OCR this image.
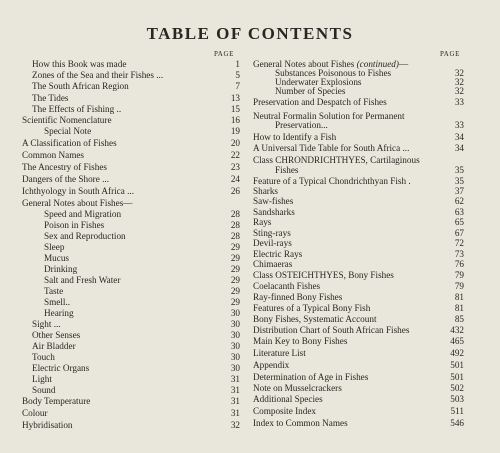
TABLE OF CONTENTS
PAGE
How this Book was made	1
Zones of the Sea and their Fishes ...	5
The South African Region	7
The Tides	13
The Effects of Fishing ..	15
Scientific Nomenclature	16
Special Note	19
A Classification of Fishes	20
Common Names	22
The Ancestry of Fishes	23
Dangers of the Shore ...	24
Ichthyology in South Africa ...	26
General Notes about Fishes—
Speed and Migration	28
Poison in Fishes	28
Sex and Reproduction	28
Sleep	29
Mucus	29
Drinking	29
Salt and Fresh Water	29
Taste	29
Smell..	29
Hearing	30
Sight ...	30
Other Senses	30
Air Bladder	30
Touch	30
Electric Organs	30
Light	31
Sound	31
Body Temperature	31
Colour	31
Hybridisation	32
PAGE
General Notes about Fishes (continued)—
Substances Poisonous to Fishes	32
Underwater Explosions	32
Number of Species	32
Preservation and Despatch of Fishes	33
Neutral Formalin Solution for Permanent
Preservation...	33
How to Identify a Fish	34
A Universal Tide Table for South Africa ...	34
Class CHRONDRICHTHYES, Cartilaginous
Fishes	35
Feature of a Typical Chondrichthyan Fish .	35
Sharks	37
Saw-fishes	62
Sandsharks	63
Rays	65
Sting-rays	67
Devil-rays	72
Electric Rays	73
Chimaeras	76
Class OSTEICHTHYES, Bony Fishes	79
Coelacanth Fishes	79
Ray-finned Bony Fishes	81
Features of a Typical Bony Fish	81
Bony Fishes, Systematic Account	85
Distribution Chart of South African Fishes	432
Main Key to Bony Fishes	465
Literature List	492
Appendix	501
Determination of Age in Fishes	501
Note on Musselcrackers	502
Additional Species	503
Composite Index	511
Index to Common Names	546
